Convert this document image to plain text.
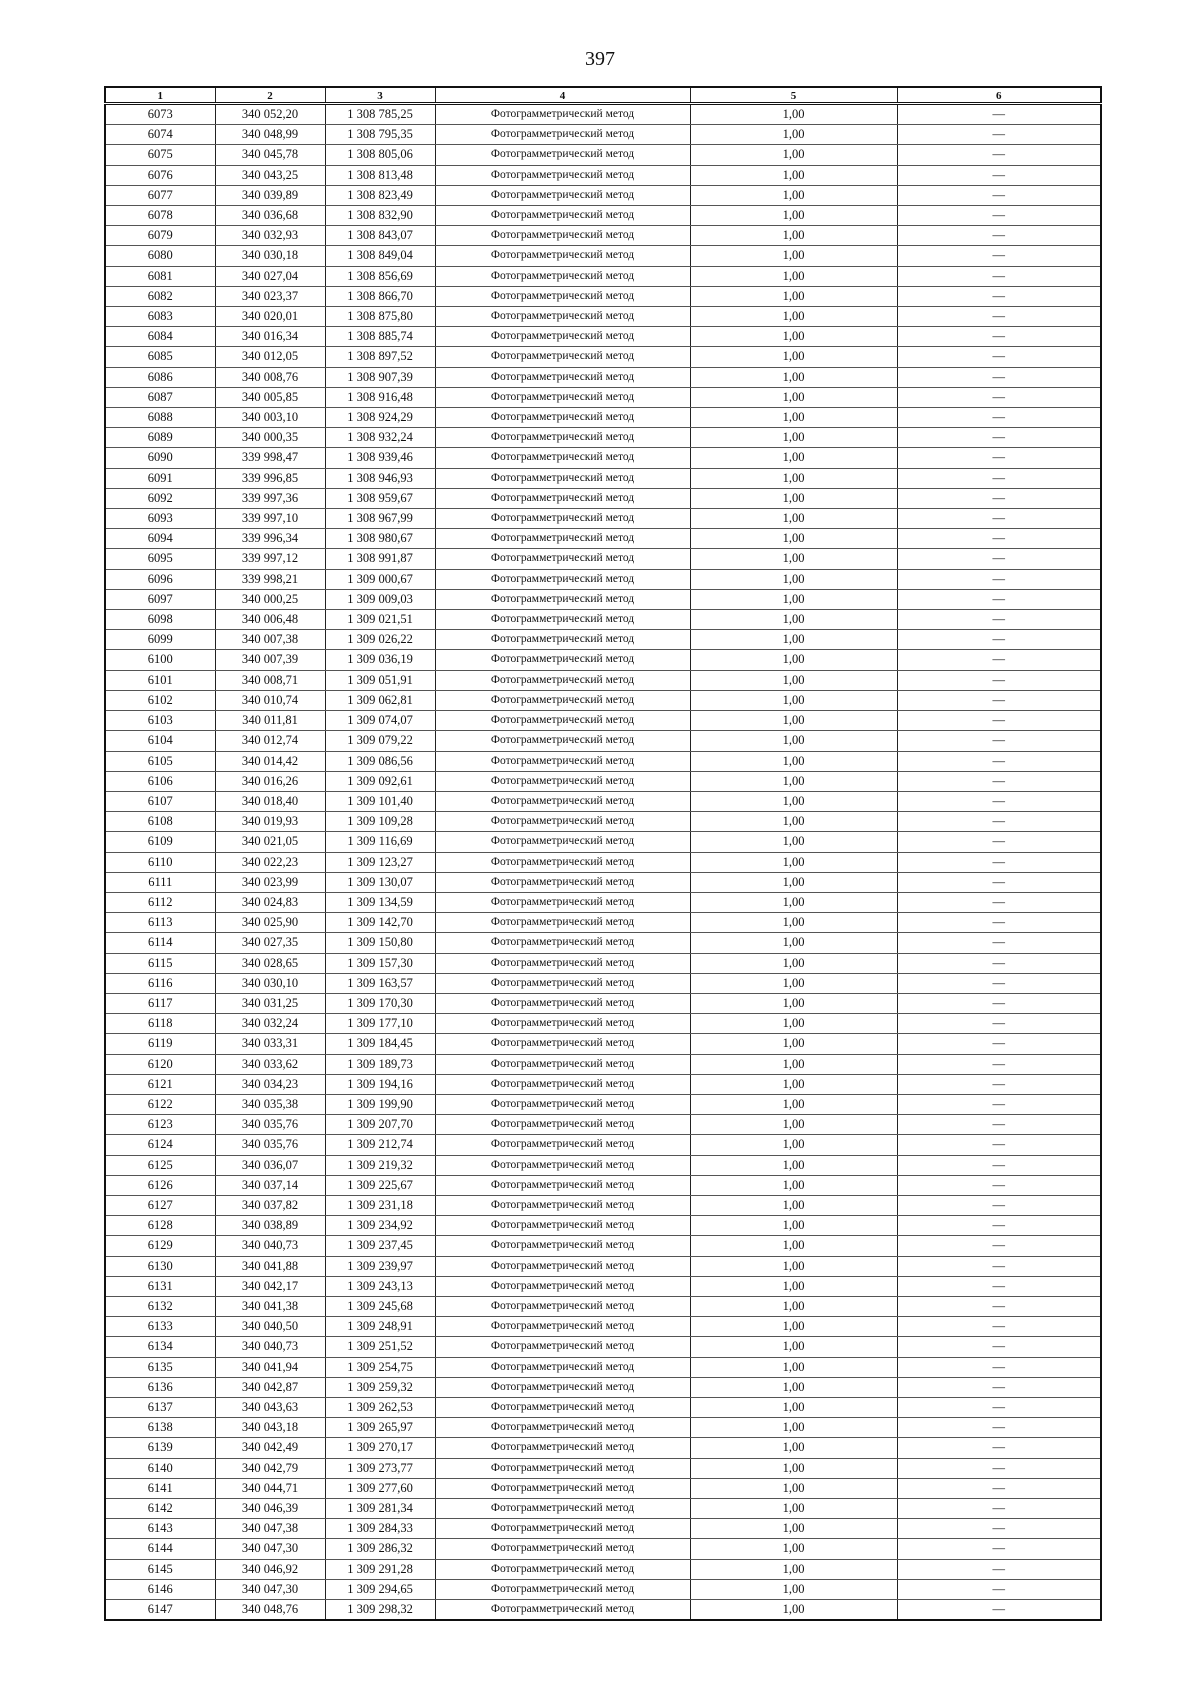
397
1	2	3	4	5	6
6073	340 052,20	1 308 785,25	Фотограмметрический метод	1,00	—
6074	340 048,99	1 308 795,35	Фотограмметрический метод	1,00	—
6075	340 045,78	1 308 805,06	Фотограмметрический метод	1,00	—
6076	340 043,25	1 308 813,48	Фотограмметрический метод	1,00	—
6077	340 039,89	1 308 823,49	Фотограмметрический метод	1,00	—
6078	340 036,68	1 308 832,90	Фотограмметрический метод	1,00	—
6079	340 032,93	1 308 843,07	Фотограмметрический метод	1,00	—
6080	340 030,18	1 308 849,04	Фотограмметрический метод	1,00	—
6081	340 027,04	1 308 856,69	Фотограмметрический метод	1,00	—
6082	340 023,37	1 308 866,70	Фотограмметрический метод	1,00	—
6083	340 020,01	1 308 875,80	Фотограмметрический метод	1,00	—
6084	340 016,34	1 308 885,74	Фотограмметрический метод	1,00	—
6085	340 012,05	1 308 897,52	Фотограмметрический метод	1,00	—
6086	340 008,76	1 308 907,39	Фотограмметрический метод	1,00	—
6087	340 005,85	1 308 916,48	Фотограмметрический метод	1,00	—
6088	340 003,10	1 308 924,29	Фотограмметрический метод	1,00	—
6089	340 000,35	1 308 932,24	Фотограмметрический метод	1,00	—
6090	339 998,47	1 308 939,46	Фотограмметрический метод	1,00	—
6091	339 996,85	1 308 946,93	Фотограмметрический метод	1,00	—
6092	339 997,36	1 308 959,67	Фотограмметрический метод	1,00	—
6093	339 997,10	1 308 967,99	Фотограмметрический метод	1,00	—
6094	339 996,34	1 308 980,67	Фотограмметрический метод	1,00	—
6095	339 997,12	1 308 991,87	Фотограмметрический метод	1,00	—
6096	339 998,21	1 309 000,67	Фотограмметрический метод	1,00	—
6097	340 000,25	1 309 009,03	Фотограмметрический метод	1,00	—
6098	340 006,48	1 309 021,51	Фотограмметрический метод	1,00	—
6099	340 007,38	1 309 026,22	Фотограмметрический метод	1,00	—
6100	340 007,39	1 309 036,19	Фотограмметрический метод	1,00	—
6101	340 008,71	1 309 051,91	Фотограмметрический метод	1,00	—
6102	340 010,74	1 309 062,81	Фотограмметрический метод	1,00	—
6103	340 011,81	1 309 074,07	Фотограмметрический метод	1,00	—
6104	340 012,74	1 309 079,22	Фотограмметрический метод	1,00	—
6105	340 014,42	1 309 086,56	Фотограмметрический метод	1,00	—
6106	340 016,26	1 309 092,61	Фотограмметрический метод	1,00	—
6107	340 018,40	1 309 101,40	Фотограмметрический метод	1,00	—
6108	340 019,93	1 309 109,28	Фотограмметрический метод	1,00	—
6109	340 021,05	1 309 116,69	Фотограмметрический метод	1,00	—
6110	340 022,23	1 309 123,27	Фотограмметрический метод	1,00	—
6111	340 023,99	1 309 130,07	Фотограмметрический метод	1,00	—
6112	340 024,83	1 309 134,59	Фотограмметрический метод	1,00	—
6113	340 025,90	1 309 142,70	Фотограмметрический метод	1,00	—
6114	340 027,35	1 309 150,80	Фотограмметрический метод	1,00	—
6115	340 028,65	1 309 157,30	Фотограмметрический метод	1,00	—
6116	340 030,10	1 309 163,57	Фотограмметрический метод	1,00	—
6117	340 031,25	1 309 170,30	Фотограмметрический метод	1,00	—
6118	340 032,24	1 309 177,10	Фотограмметрический метод	1,00	—
6119	340 033,31	1 309 184,45	Фотограмметрический метод	1,00	—
6120	340 033,62	1 309 189,73	Фотограмметрический метод	1,00	—
6121	340 034,23	1 309 194,16	Фотограмметрический метод	1,00	—
6122	340 035,38	1 309 199,90	Фотограмметрический метод	1,00	—
6123	340 035,76	1 309 207,70	Фотограмметрический метод	1,00	—
6124	340 035,76	1 309 212,74	Фотограмметрический метод	1,00	—
6125	340 036,07	1 309 219,32	Фотограмметрический метод	1,00	—
6126	340 037,14	1 309 225,67	Фотограмметрический метод	1,00	—
6127	340 037,82	1 309 231,18	Фотограмметрический метод	1,00	—
6128	340 038,89	1 309 234,92	Фотограмметрический метод	1,00	—
6129	340 040,73	1 309 237,45	Фотограмметрический метод	1,00	—
6130	340 041,88	1 309 239,97	Фотограмметрический метод	1,00	—
6131	340 042,17	1 309 243,13	Фотограмметрический метод	1,00	—
6132	340 041,38	1 309 245,68	Фотограмметрический метод	1,00	—
6133	340 040,50	1 309 248,91	Фотограмметрический метод	1,00	—
6134	340 040,73	1 309 251,52	Фотограмметрический метод	1,00	—
6135	340 041,94	1 309 254,75	Фотограмметрический метод	1,00	—
6136	340 042,87	1 309 259,32	Фотограмметрический метод	1,00	—
6137	340 043,63	1 309 262,53	Фотограмметрический метод	1,00	—
6138	340 043,18	1 309 265,97	Фотограмметрический метод	1,00	—
6139	340 042,49	1 309 270,17	Фотограмметрический метод	1,00	—
6140	340 042,79	1 309 273,77	Фотограмметрический метод	1,00	—
6141	340 044,71	1 309 277,60	Фотограмметрический метод	1,00	—
6142	340 046,39	1 309 281,34	Фотограмметрический метод	1,00	—
6143	340 047,38	1 309 284,33	Фотограмметрический метод	1,00	—
6144	340 047,30	1 309 286,32	Фотограмметрический метод	1,00	—
6145	340 046,92	1 309 291,28	Фотограмметрический метод	1,00	—
6146	340 047,30	1 309 294,65	Фотограмметрический метод	1,00	—
6147	340 048,76	1 309 298,32	Фотограмметрический метод	1,00	—
